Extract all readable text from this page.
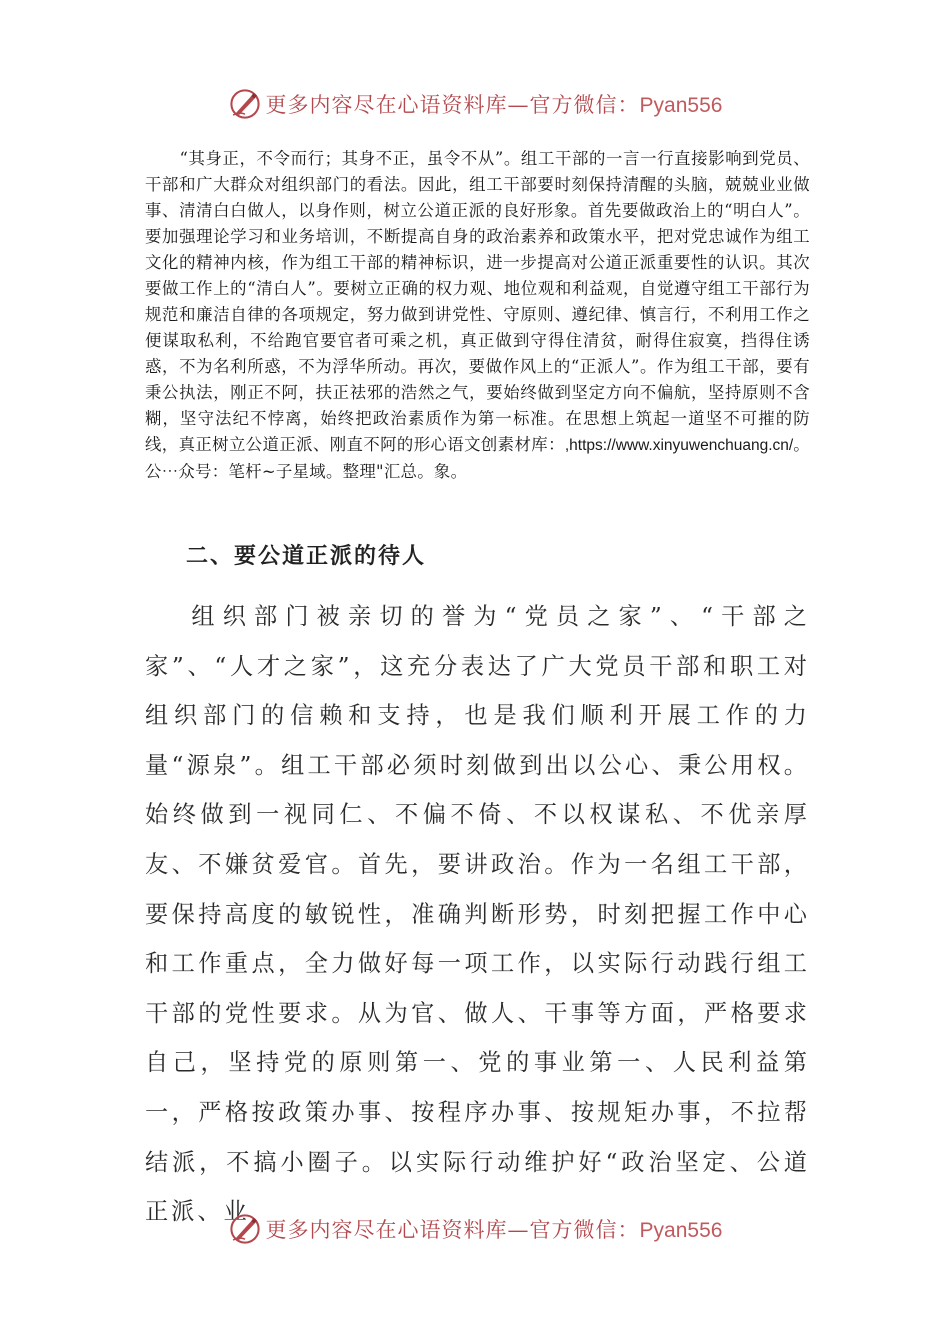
更多内容尽在心语资料库—官方微信：Pyan556
“其身正，不令而行；其身不正，虽令不从”。组工干部的一言一行直接影响到党员、干部和广大群众对组织部门的看法。因此，组工干部要时刻保持清醒的头脑，兢兢业业做事、清清白白做人，以身作则，树立公道正派的良好形象。首先要做政治上的“明白人”。要加强理论学习和业务培训，不断提高自身的政治素养和政策水平，把对党忠诚作为组工文化的精神内核，作为组工干部的精神标识，进一步提高对公道正派重要性的认识。其次要做工作上的“清白人”。要树立正确的权力观、地位观和利益观，自觉遵守组工干部行为规范和廉洁自律的各项规定，努力做到讲党性、守原则、遵纪律、慎言行，不利用工作之便谋取私利，不给跑官要官者可乘之机，真正做到守得住清贫，耐得住寂寞，挡得住诱惑，不为名利所惑，不为浮华所动。再次，要做作风上的“正派人”。作为组工干部，要有秉公执法，刚正不阿，扶正祛邪的浩然之气，要始终做到坚定方向不偏航，坚持原则不含糊，坚守法纪不悖离，始终把政治素质作为第一标准。在思想上筑起一道坚不可摧的防线，真正树立公道正派、刚直不阿的形心语文创素材库：,https://www.xinyuwenchuang.cn/。公⋯众号：笔杆~子星域。整理"汇总。象。
二、要公道正派的待人
组织部门被亲切的誉为“党员之家”、“干部之家”、“人才之家”，这充分表达了广大党员干部和职工对组织部门的信赖和支持，也是我们顺利开展工作的力量“源泉”。组工干部必须时刻做到出以公心、秉公用权。始终做到一视同仁、不偏不倚、不以权谋私、不优亲厚友、不嫌贫爱官。首先，要讲政治。作为一名组工干部，要保持高度的敏锐性，准确判断形势，时刻把握工作中心和工作重点，全力做好每一项工作，以实际行动践行组工干部的党性要求。从为官、做人、干事等方面，严格要求自己，坚持党的原则第一、党的事业第一、人民利益第一，严格按政策办事、按程序办事、按规矩办事，不拉帮结派，不搞小圈子。以实际行动维护好“政治坚定、公道正派、业
更多内容尽在心语资料库—官方微信：Pyan556
